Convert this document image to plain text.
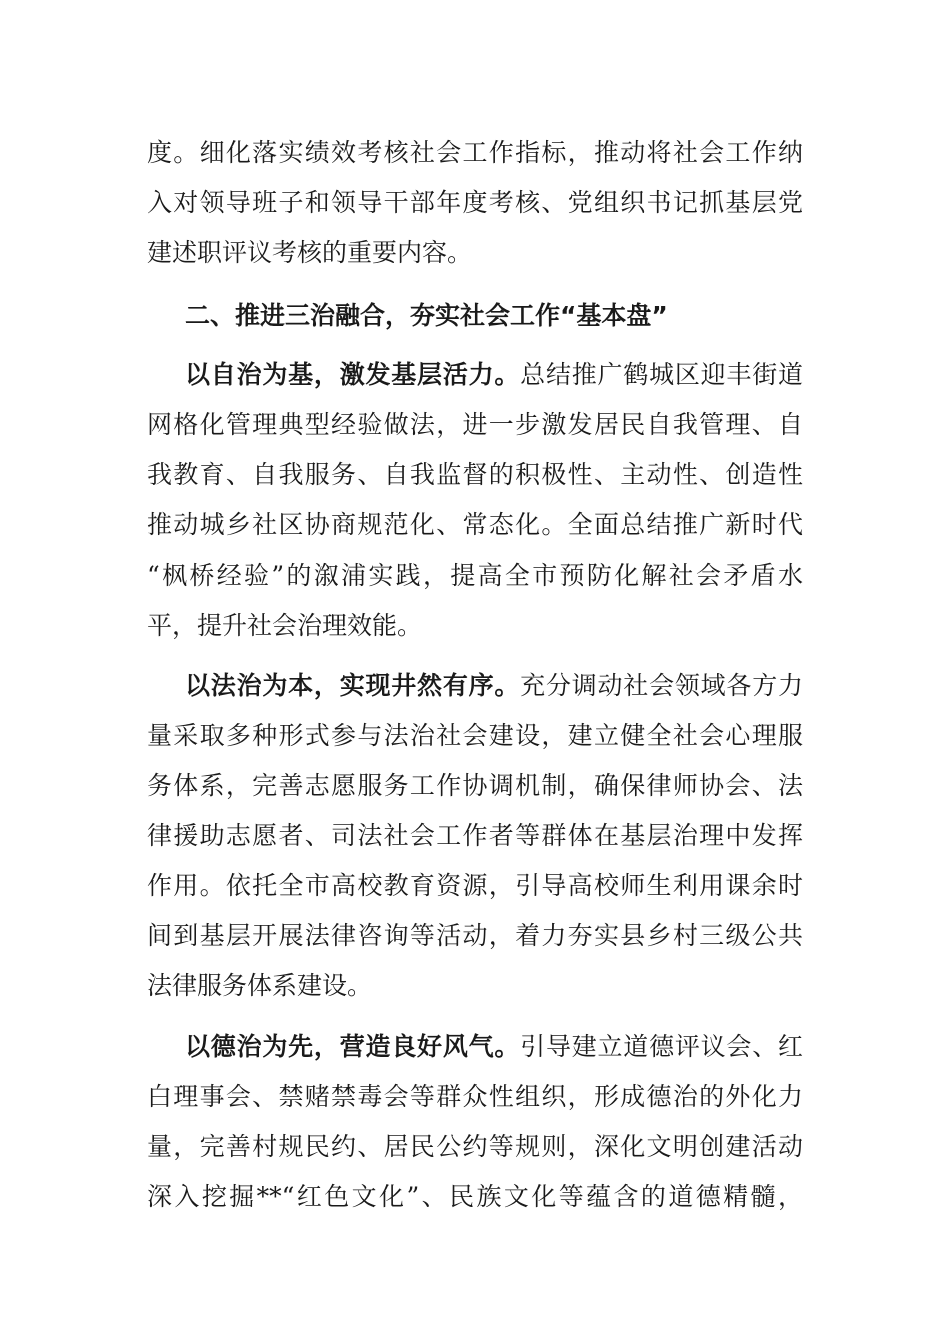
度。细化落实绩效考核社会工作指标，推动将社会工作纳
入对领导班子和领导干部年度考核、党组织书记抓基层党
建述职评议考核的重要内容。
二、推进三治融合，夯实社会工作“基本盘”
以自治为基，激发基层活力。总结推广鹤城区迎丰街道
网格化管理典型经验做法，进一步激发居民自我管理、自
我教育、自我服务、自我监督的积极性、主动性、创造性
推动城乡社区协商规范化、常态化。全面总结推广新时代
“枫桥经验”的溆浦实践，提高全市预防化解社会矛盾水
平，提升社会治理效能。
以法治为本，实现井然有序。充分调动社会领域各方力
量采取多种形式参与法治社会建设，建立健全社会心理服
务体系，完善志愿服务工作协调机制，确保律师协会、法
律援助志愿者、司法社会工作者等群体在基层治理中发挥
作用。依托全市高校教育资源，引导高校师生利用课余时
间到基层开展法律咨询等活动，着力夯实县乡村三级公共
法律服务体系建设。
以德治为先，营造良好风气。引导建立道德评议会、红
白理事会、禁赌禁毒会等群众性组织，形成德治的外化力
量，完善村规民约、居民公约等规则，深化文明创建活动
深入挖掘**“红色文化”、民族文化等蕴含的道德精髓，
